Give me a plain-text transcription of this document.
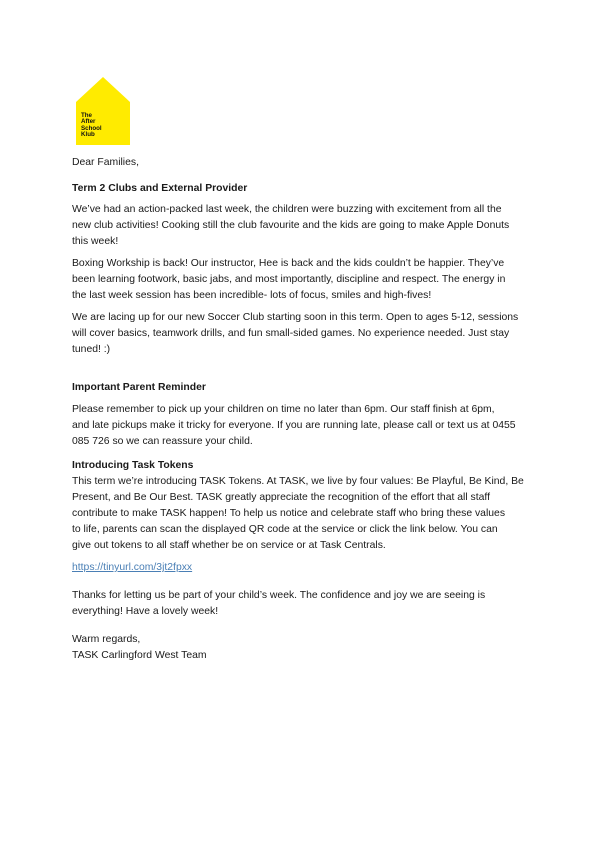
The
After
School
Klub

Dear Families,

Term 2 Clubs and External Provider

We’ve had an action-packed last week, the children were buzzing with excitement from all the

new club activities! Cooking still the club favourite and the kids are going to make Apple Donuts

this week!

Boxing Workship is back! Our instructor, Hee is back and the kids couldn’t be happier. They’ve

been learning footwork, basic jabs, and most importantly, discipline and respect. The energy in

the last week session has been incredible- lots of focus, smiles and high-fives!

We are lacing up for our new Soccer Club starting soon in this term. Open to ages 5-12, sessions

will cover basics, teamwork drills, and fun small-sided games. No experience needed. Just stay

tuned! :)

Important Parent Reminder

Please remember to pick up your children on time no later than 6pm. Our staff finish at 6pm,

and late pickups make it tricky for everyone. If you are running late, please call or text us at 0455

085 726 so we can reassure your child.

Introducing Task Tokens

This term we’re introducing TASK Tokens. At TASK, we live by four values: Be Playful, Be Kind, Be

Present, and Be Our Best. TASK greatly appreciate the recognition of the effort that all staff

contribute to make TASK happen! To help us notice and celebrate staff who bring these values

to life, parents can scan the displayed QR code at the service or click the link below. You can

give out tokens to all staff whether be on service or at Task Centrals.

https://tinyurl.com/3jt2fpxx

Thanks for letting us be part of your child’s week. The confidence and joy we are seeing is

everything! Have a lovely week!

Warm regards,

TASK Carlingford West Team
